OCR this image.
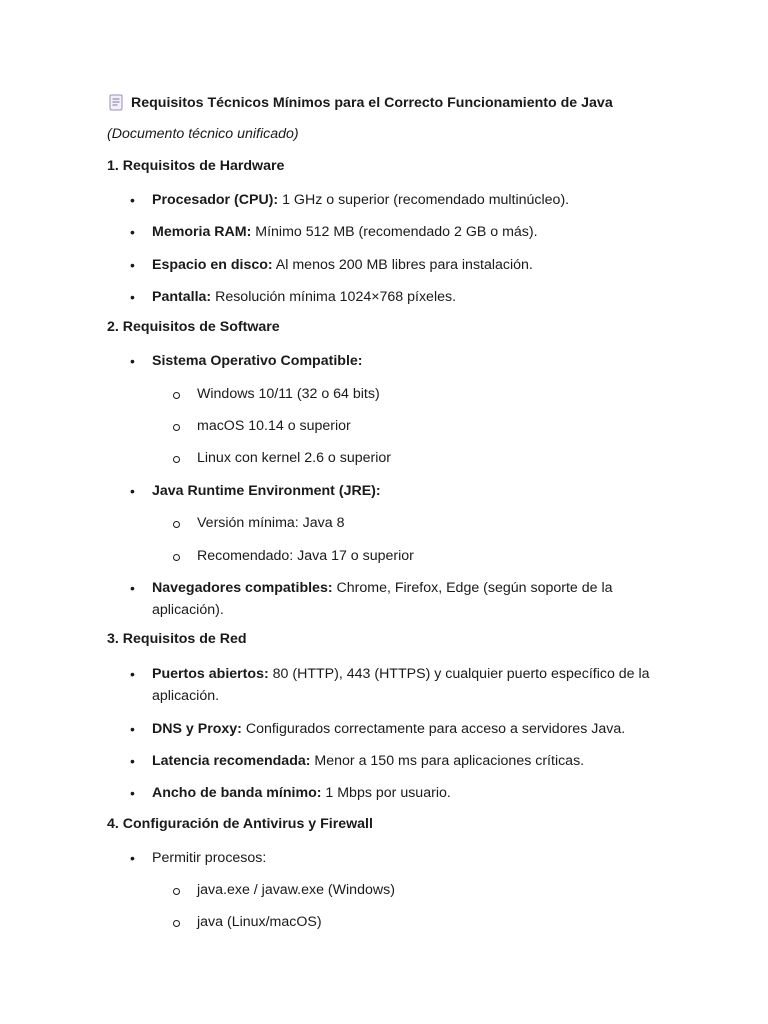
Requisitos Técnicos Mínimos para el Correcto Funcionamiento de Java
(Documento técnico unificado)
1. Requisitos de Hardware
• Procesador (CPU): 1 GHz o superior (recomendado multinúcleo).
• Memoria RAM: Mínimo 512 MB (recomendado 2 GB o más).
• Espacio en disco: Al menos 200 MB libres para instalación.
• Pantalla: Resolución mínima 1024×768 píxeles.
2. Requisitos de Software
• Sistema Operativo Compatible:
Windows 10/11 (32 o 64 bits)
macOS 10.14 o superior
Linux con kernel 2.6 o superior
• Java Runtime Environment (JRE):
Versión mínima: Java 8
Recomendado: Java 17 o superior
• Navegadores compatibles: Chrome, Firefox, Edge (según soporte de la aplicación).
3. Requisitos de Red
• Puertos abiertos: 80 (HTTP), 443 (HTTPS) y cualquier puerto específico de la aplicación.
• DNS y Proxy: Configurados correctamente para acceso a servidores Java.
• Latencia recomendada: Menor a 150 ms para aplicaciones críticas.
• Ancho de banda mínimo: 1 Mbps por usuario.
4. Configuración de Antivirus y Firewall
• Permitir procesos:
java.exe / javaw.exe (Windows)
java (Linux/macOS)
